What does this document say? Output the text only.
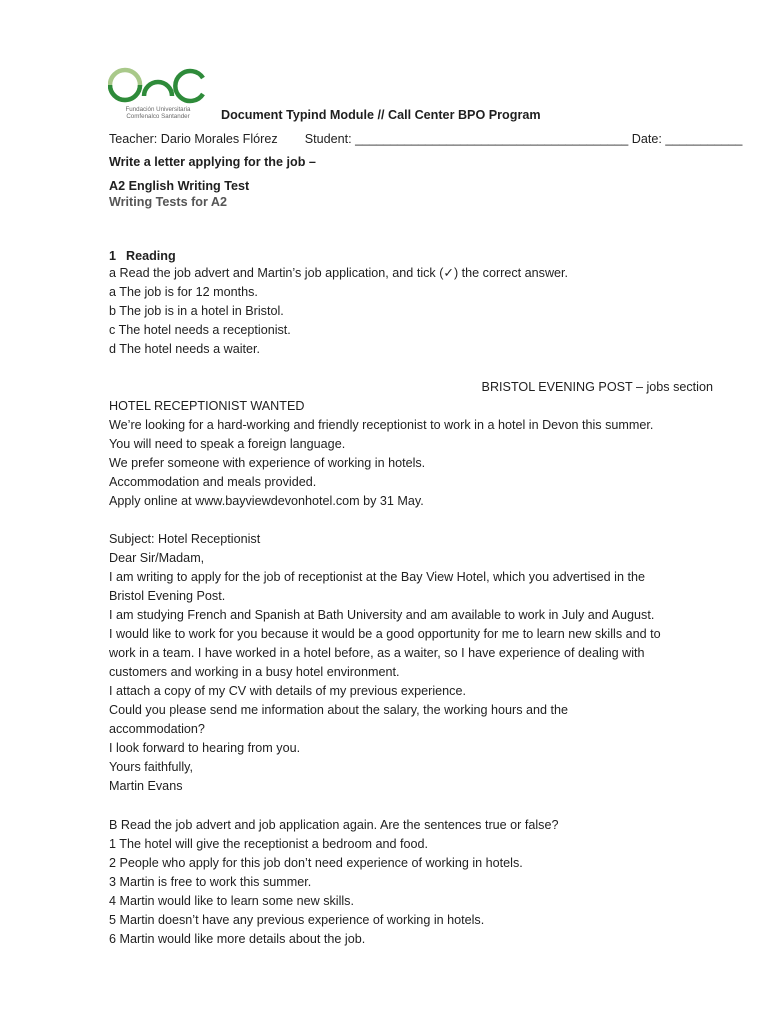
Fundación Universitaria Comfenalco Santander	Document Typind Module // Call Center BPO Program
Teacher: Dario Morales Flórez Student: _______________________________________ Date: ___________
Write a letter applying for the job –
A2 English Writing Test
Writing Tests for A2
1 Reading
a Read the job advert and Martin’s job application, and tick (✓) the correct answer.
a The job is for 12 months.
b The job is in a hotel in Bristol.
c The hotel needs a receptionist.
d The hotel needs a waiter.
BRISTOL EVENING POST – jobs section
HOTEL RECEPTIONIST WANTED
We’re looking for a hard-working and friendly receptionist to work in a hotel in Devon this summer.
You will need to speak a foreign language.
We prefer someone with experience of working in hotels.
Accommodation and meals provided.
Apply online at www.bayviewdevonhotel.com by 31 May.
Subject: Hotel Receptionist
Dear Sir/Madam,
I am writing to apply for the job of receptionist at the Bay View Hotel, which you advertised in the
Bristol Evening Post.
I am studying French and Spanish at Bath University and am available to work in July and August.
I would like to work for you because it would be a good opportunity for me to learn new skills and to
work in a team. I have worked in a hotel before, as a waiter, so I have experience of dealing with
customers and working in a busy hotel environment.
I attach a copy of my CV with details of my previous experience.
Could you please send me information about the salary, the working hours and the
accommodation?
I look forward to hearing from you.
Yours faithfully,
Martin Evans
B Read the job advert and job application again. Are the sentences true or false?
1 The hotel will give the receptionist a bedroom and food.
2 People who apply for this job don’t need experience of working in hotels.
3 Martin is free to work this summer.
4 Martin would like to learn some new skills.
5 Martin doesn’t have any previous experience of working in hotels.
6 Martin would like more details about the job.
